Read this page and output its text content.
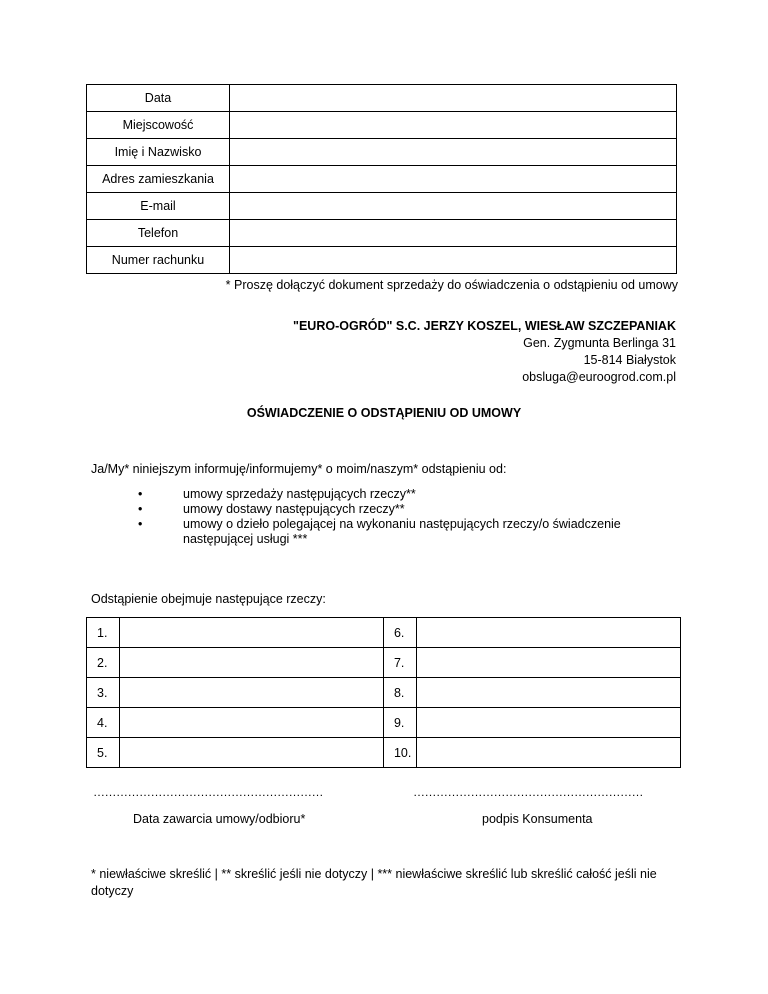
Data	
Miejscowość	
Imię i Nazwisko	
Adres zamieszkania	
E-mail	
Telefon	
Numer rachunku	
* Proszę dołączyć dokument sprzedaży do oświadczenia o odstąpieniu od umowy
"EURO-OGRÓD" S.C. JERZY KOSZEL, WIESŁAW SZCZEPANIAK
Gen. Zygmunta Berlinga 31
15-814 Białystok
obsluga@euroogrod.com.pl
OŚWIADCZENIE O ODSTĄPIENIU OD UMOWY
Ja/My* niniejszym informuję/informujemy* o moim/naszym* odstąpieniu od:
•	umowy sprzedaży następujących rzeczy**
•	umowy dostawy następujących rzeczy**
•	umowy o dzieło polegającej na wykonaniu następujących rzeczy/o świadczenie następującej usługi ***
Odstąpienie obejmuje następujące rzeczy:
1.		6.	
2.		7.	
3.		8.	
4.		9.	
5.		10.	
……………………………………………………	……………………………………………………
Data zawarcia umowy/odbioru*	podpis Konsumenta
* niewłaściwe skreślić | ** skreślić jeśli nie dotyczy | *** niewłaściwe skreślić lub skreślić całość jeśli nie dotyczy
